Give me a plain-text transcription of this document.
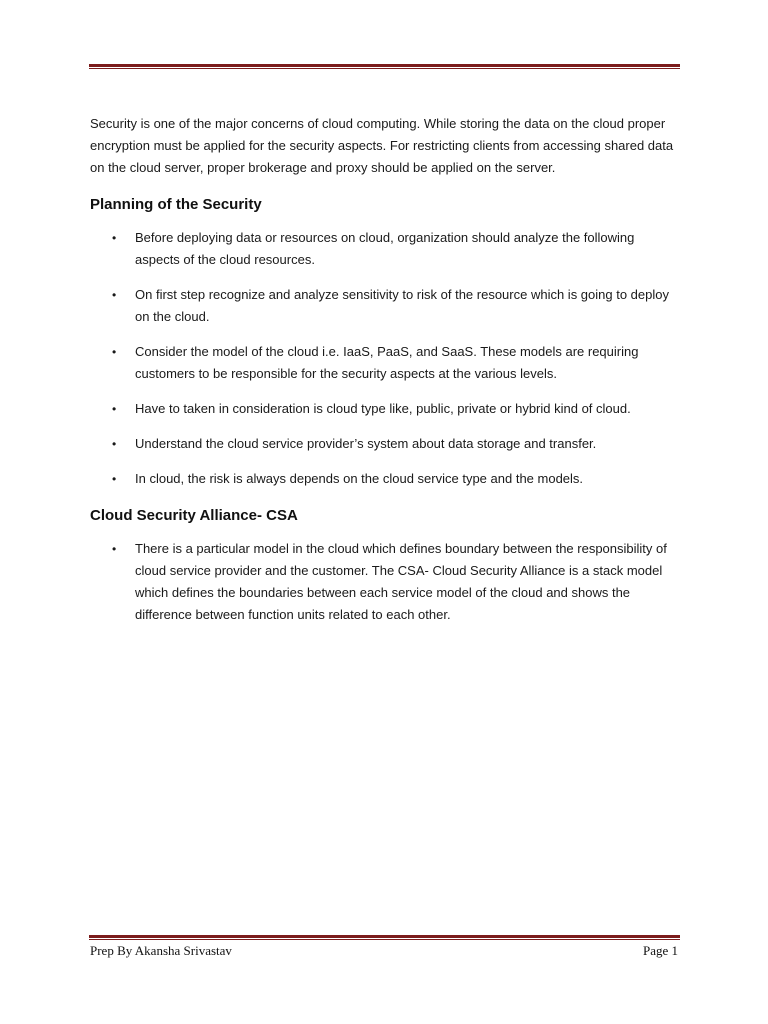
Security is one of the major concerns of cloud computing. While storing the data on the cloud proper encryption must be applied for the security aspects. For restricting clients from accessing shared data on the cloud server, proper brokerage and proxy should be applied on the server.

Planning of the Security
• Before deploying data or resources on cloud, organization should analyze the following aspects of the cloud resources.
• On first step recognize and analyze sensitivity to risk of the resource which is going to deploy on the cloud.
• Consider the model of the cloud i.e. IaaS, PaaS, and SaaS. These models are requiring customers to be responsible for the security aspects at the various levels.
• Have to taken in consideration is cloud type like, public, private or hybrid kind of cloud.
• Understand the cloud service provider’s system about data storage and transfer.
• In cloud, the risk is always depends on the cloud service type and the models.
Cloud Security Alliance- CSA
• There is a particular model in the cloud which defines boundary between the responsibility of cloud service provider and the customer. The CSA- Cloud Security Alliance is a stack model which defines the boundaries between each service model of the cloud and shows the difference between function units related to each other.
Prep By Akansha Srivastav	Page 1
